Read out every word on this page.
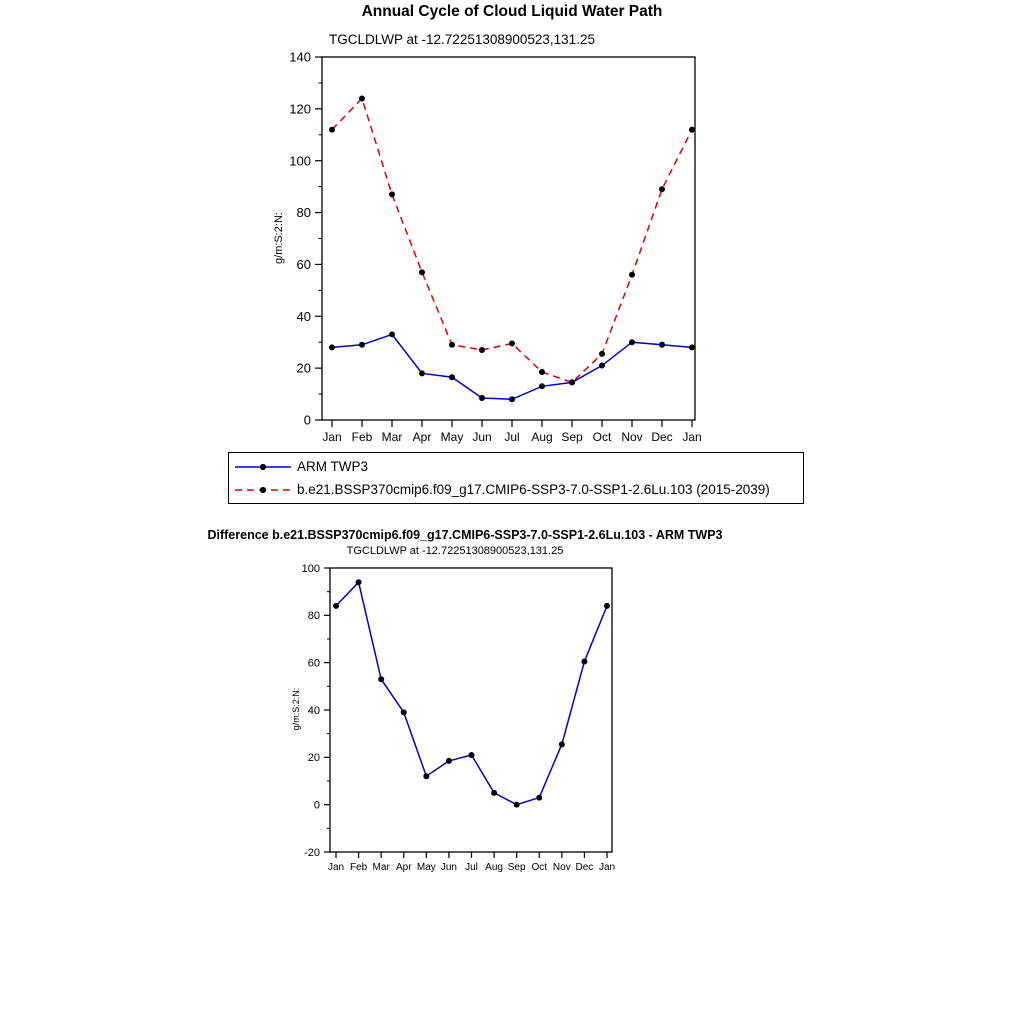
Annual Cycle of Cloud Liquid Water Path
TGCLDLWP at -12.72251308900523,131.25
g/m:S:2:N:
Difference b.e21.BSSP370cmip6.f09_g17.CMIP6-SSP3-7.0-SSP1-2.6Lu.103 - ARM TWP3
TGCLDLWP at -12.72251308900523,131.25
g/m:S:2:N:
0
20
40
60
80
100
120
140
Jan Feb Mar Apr May Jun Jul Aug Sep Oct Nov Dec Jan
-20
0
20
40
60
80
100
Jan Feb Mar Apr May Jun Jul Aug Sep Oct Nov Dec Jan
ARM TWP3
b.e21.BSSP370cmip6.f09_g17.CMIP6-SSP3-7.0-SSP1-2.6Lu.103 (2015-2039)
